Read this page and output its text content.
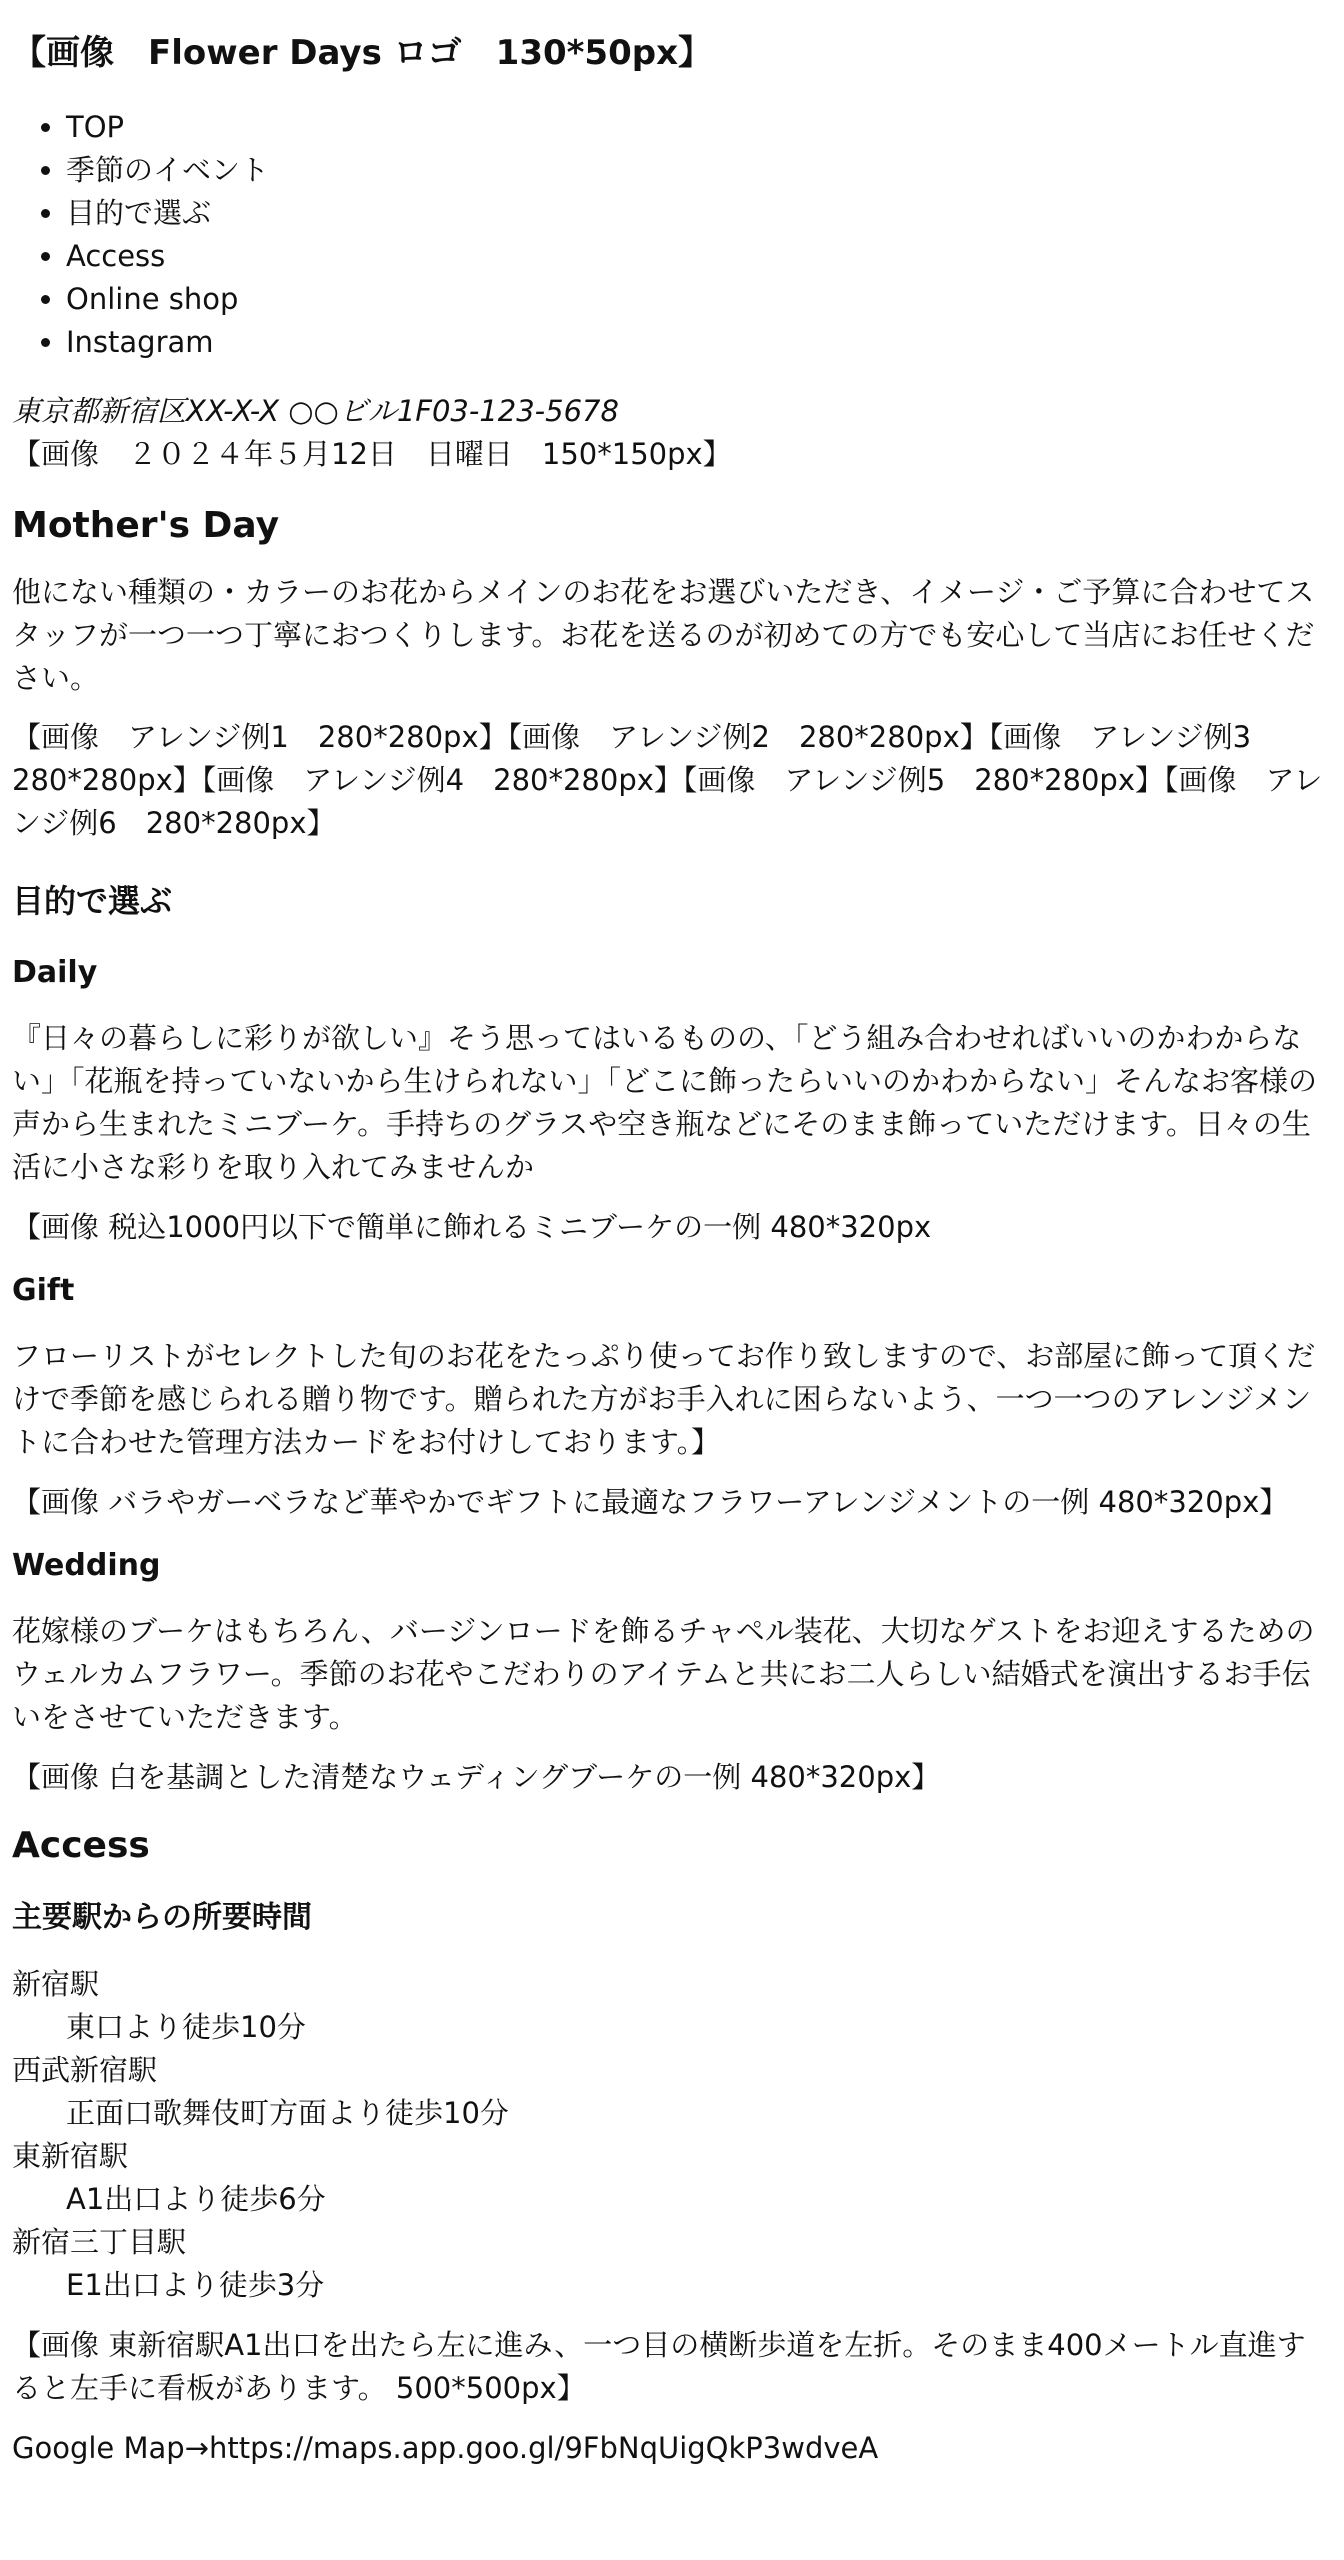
【画像　Flower Days ロゴ　130*50px】
• TOP
• 季節のイベント
• 目的で選ぶ
• Access
• Online shop
• Instagram
東京都新宿区XX-X-X ○○ビル1F03-123-5678
【画像　２０２４年５月12日　日曜日　150*150px】
Mother's Day

他にない種類の・カラーのお花からメインのお花をお選びいただき、イメージ・ご予算に合わせてスタッフが一つ一つ丁寧におつくりします。お花を送るのが初めての方でも安心して当店にお任せください。

【画像　アレンジ例1　280*280px】【画像　アレンジ例2　280*280px】【画像　アレンジ例3　280*280px】【画像　アレンジ例4　280*280px】【画像　アレンジ例5　280*280px】【画像　アレンジ例6　280*280px】

目的で選ぶ
Daily

『日々の暮らしに彩りが欲しい』そう思ってはいるものの、「どう組み合わせればいいのかわからない」「花瓶を持っていないから生けられない」「どこに飾ったらいいのかわからない」そんなお客様の声から生まれたミニブーケ。手持ちのグラスや空き瓶などにそのまま飾っていただけます。日々の生活に小さな彩りを取り入れてみませんか

【画像 税込1000円以下で簡単に飾れるミニブーケの一例 480*320px

Gift

フローリストがセレクトした旬のお花をたっぷり使ってお作り致しますので、お部屋に飾って頂くだけで季節を感じられる贈り物です。贈られた方がお手入れに困らないよう、一つ一つのアレンジメントに合わせた管理方法カードをお付けしております。】

【画像 バラやガーベラなど華やかでギフトに最適なフラワーアレンジメントの一例 480*320px】

Wedding

花嫁様のブーケはもちろん、バージンロードを飾るチャペル装花、大切なゲストをお迎えするためのウェルカムフラワー。季節のお花やこだわりのアイテムと共にお二人らしい結婚式を演出するお手伝いをさせていただきます。

【画像 白を基調とした清楚なウェディングブーケの一例 480*320px】

Access
主要駅からの所要時間
新宿駅
東口より徒歩10分
西武新宿駅
正面口歌舞伎町方面より徒歩10分
東新宿駅
A1出口より徒歩6分
新宿三丁目駅
E1出口より徒歩3分

【画像 東新宿駅A1出口を出たら左に進み、一つ目の横断歩道を左折。そのまま400メートル直進すると左手に看板があります。 500*500px】

Google Map→https://maps.app.goo.gl/9FbNqUigQkP3wdveA
